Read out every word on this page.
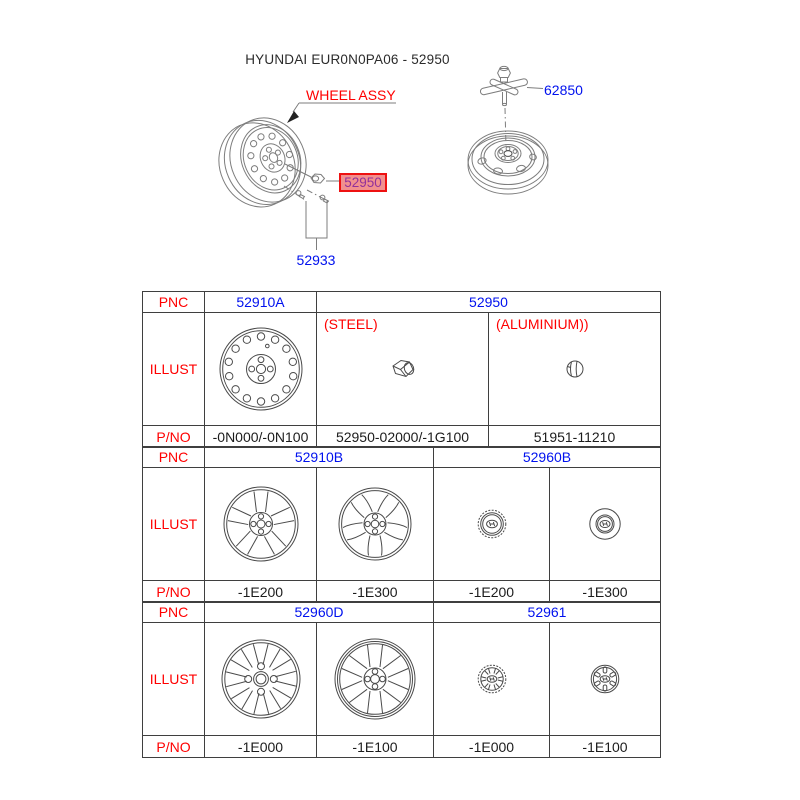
HYUNDAI EUR0N0PA06 - 52950
WHEEL ASSY	62850
52950
52933
PNC	52910A	52950	
ILLUST		(STEEL)	(ALUMINIUM))

P/NO	-0N000/-0N100	52950-02000/-1G100	51951-11210
PNC	52910B		52960B	
ILLUST	

P/NO	-1E200	-1E300	-1E200	-1E300
PNC	52960D		52961	
ILLUST	

P/NO	-1E000	-1E100	-1E000	-1E100
